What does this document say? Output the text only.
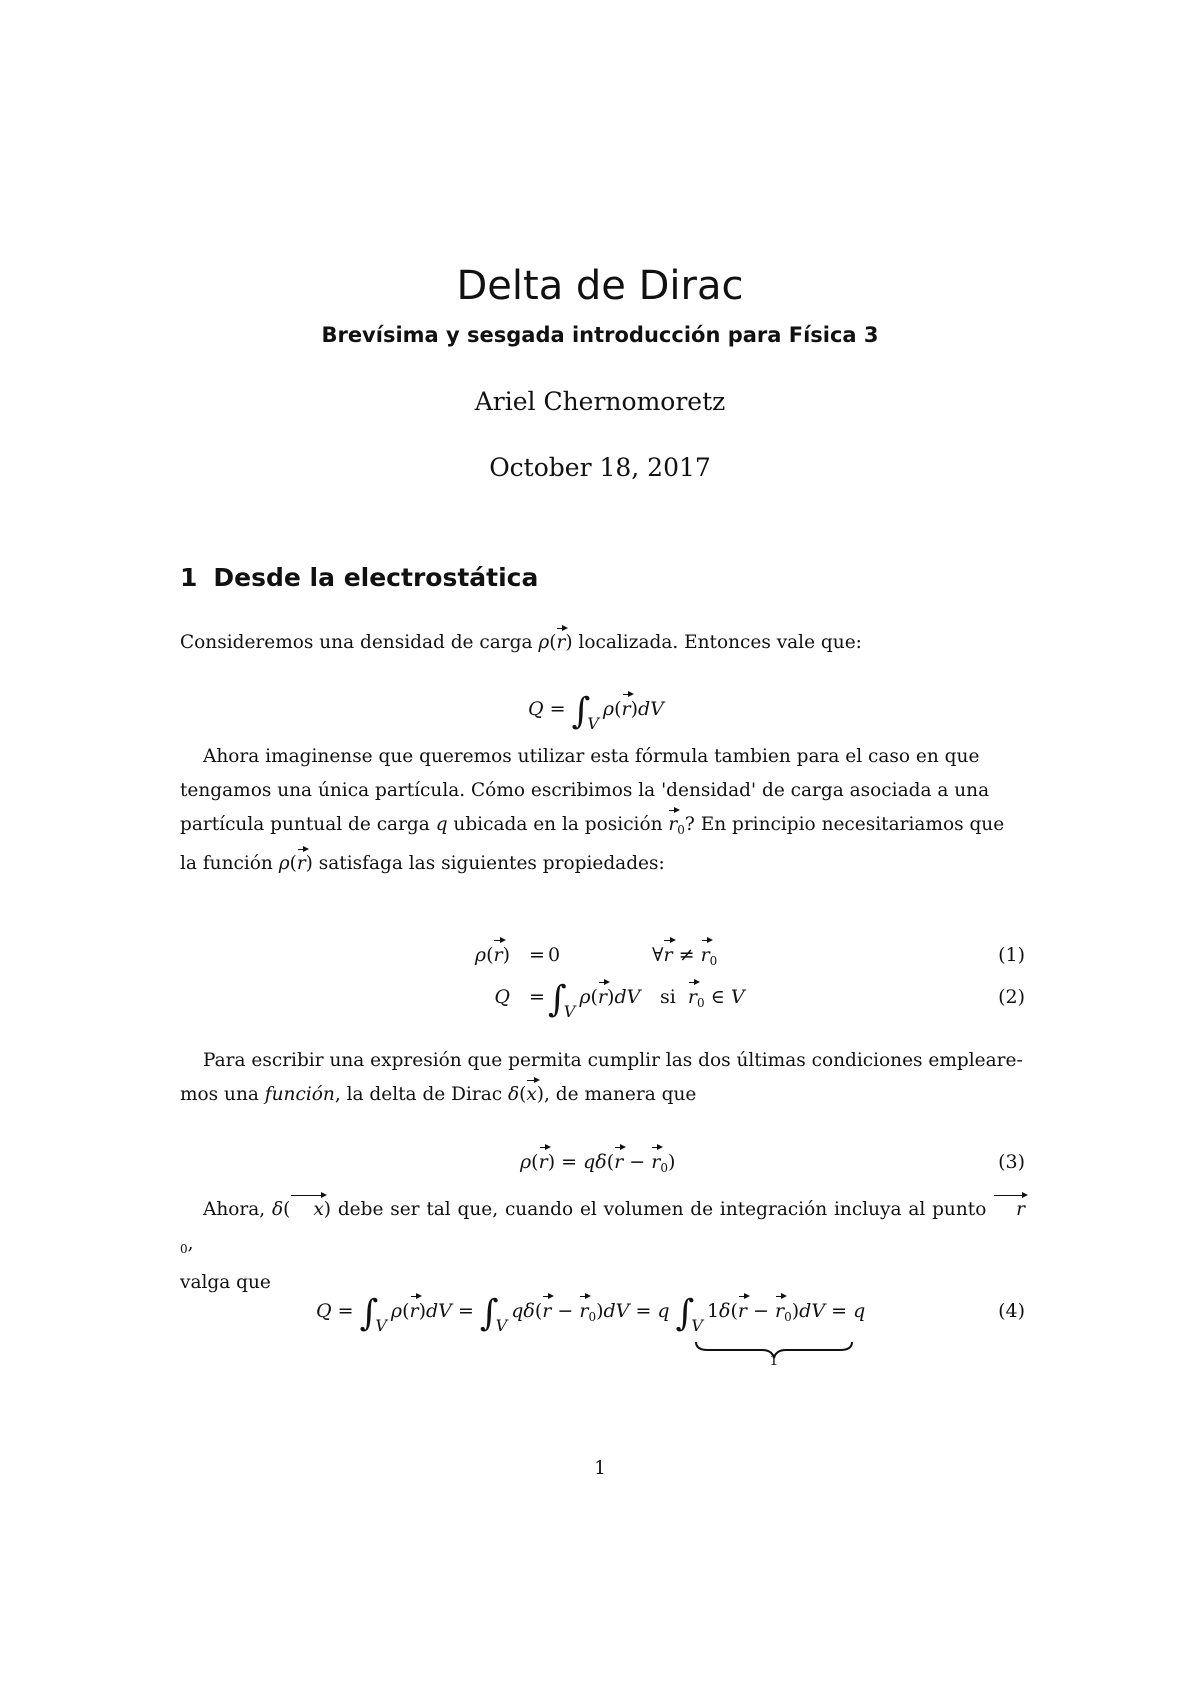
Delta de Dirac
Brevísima y sesgada introducción para Física 3
Ariel Chernomoretz
October 18, 2017
1 Desde la electrostática
Consideremos una densidad de carga ρ(r) localizada. Entonces vale que:
$Q = \int_V\rho(r)dV$
Ahora imaginense que queremos utilizar esta fórmula tambien para el caso en que
tengamos una única partícula. Cómo escribimos la 'densidad' de carga asociada a una
partícula puntual de carga q ubicada en la posición $r_0$? En principio necesitariamos que
la función ρ(r) satisfaga las siguientes propiedades:
ρ(r)	= 0	∀r ≠ $r_0$	(1)
Q	= $\int_V\rho(r)dV$ si $r_0$ ∈ V	(2)
Para escribir una expresión que permita cumplir las dos últimas condiciones empleare-
mos una función, la delta de Dirac δ(x), de manera que
$\rho(r) = q\delta(r - r_0)$	(3)
Ahora, δ( x) debe ser tal que, cuando el volumen de integración incluya al punto $r_0$,
valga que
$Q = \int_V\rho(r)dV = \int_Vq\delta(r - r_0)dV = q$ $\int_V1\delta(r - r_0)dV = q$	(4)
1
1
